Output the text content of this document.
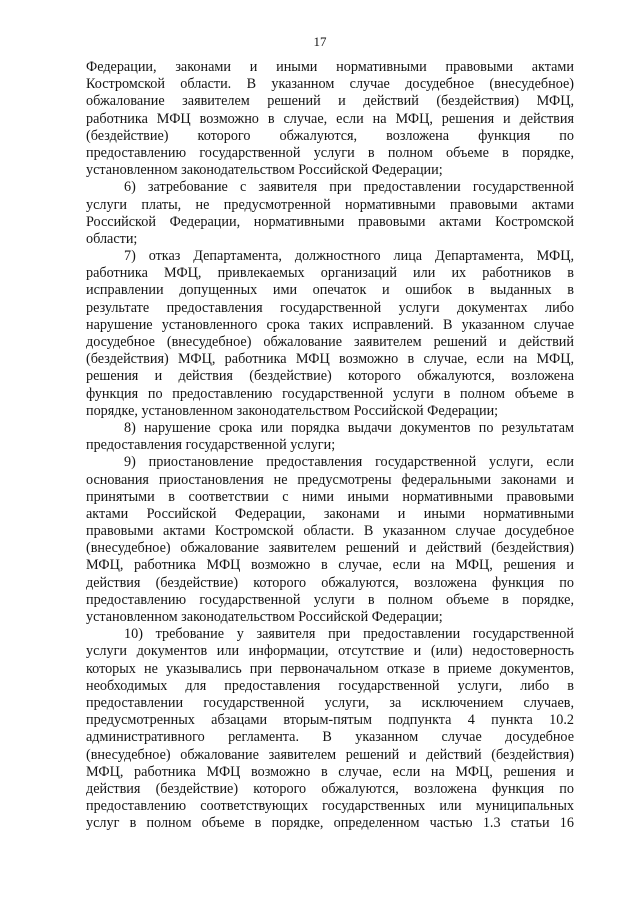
17
Федерации, законами и иными нормативными правовыми актами
Костромской области. В указанном случае досудебное (внесудебное)
обжалование заявителем решений и действий (бездействия) МФЦ,
работника МФЦ возможно в случае, если на МФЦ, решения и действия
(бездействие) которого обжалуются, возложена функция по
предоставлению государственной услуги в полном объеме в порядке,
установленном законодательством Российской Федерации;
6) затребование с заявителя при предоставлении государственной
услуги платы, не предусмотренной нормативными правовыми актами
Российской Федерации, нормативными правовыми актами Костромской
области;
7) отказ Департамента, должностного лица Департамента, МФЦ,
работника МФЦ, привлекаемых организаций или их работников в
исправлении допущенных ими опечаток и ошибок в выданных в
результате предоставления государственной услуги документах либо
нарушение установленного срока таких исправлений. В указанном случае
досудебное (внесудебное) обжалование заявителем решений и действий
(бездействия) МФЦ, работника МФЦ возможно в случае, если на МФЦ,
решения и действия (бездействие) которого обжалуются, возложена
функция по предоставлению государственной услуги в полном объеме в
порядке, установленном законодательством Российской Федерации;
8) нарушение срока или порядка выдачи документов по результатам
предоставления государственной услуги;
9) приостановление предоставления государственной услуги, если
основания приостановления не предусмотрены федеральными законами и
принятыми в соответствии с ними иными нормативными правовыми
актами Российской Федерации, законами и иными нормативными
правовыми актами Костромской области. В указанном случае досудебное
(внесудебное) обжалование заявителем решений и действий (бездействия)
МФЦ, работника МФЦ возможно в случае, если на МФЦ, решения и
действия (бездействие) которого обжалуются, возложена функция по
предоставлению государственной услуги в полном объеме в порядке,
установленном законодательством Российской Федерации;
10) требование у заявителя при предоставлении государственной
услуги документов или информации, отсутствие и (или) недостоверность
которых не указывались при первоначальном отказе в приеме документов,
необходимых для предоставления государственной услуги, либо в
предоставлении государственной услуги, за исключением случаев,
предусмотренных абзацами вторым-пятым подпункта 4 пункта 10.2
административного регламента. В указанном случае досудебное
(внесудебное) обжалование заявителем решений и действий (бездействия)
МФЦ, работника МФЦ возможно в случае, если на МФЦ, решения и
действия (бездействие) которого обжалуются, возложена функция по
предоставлению соответствующих государственных или муниципальных
услуг в полном объеме в порядке, определенном частью 1.3 статьи 16
